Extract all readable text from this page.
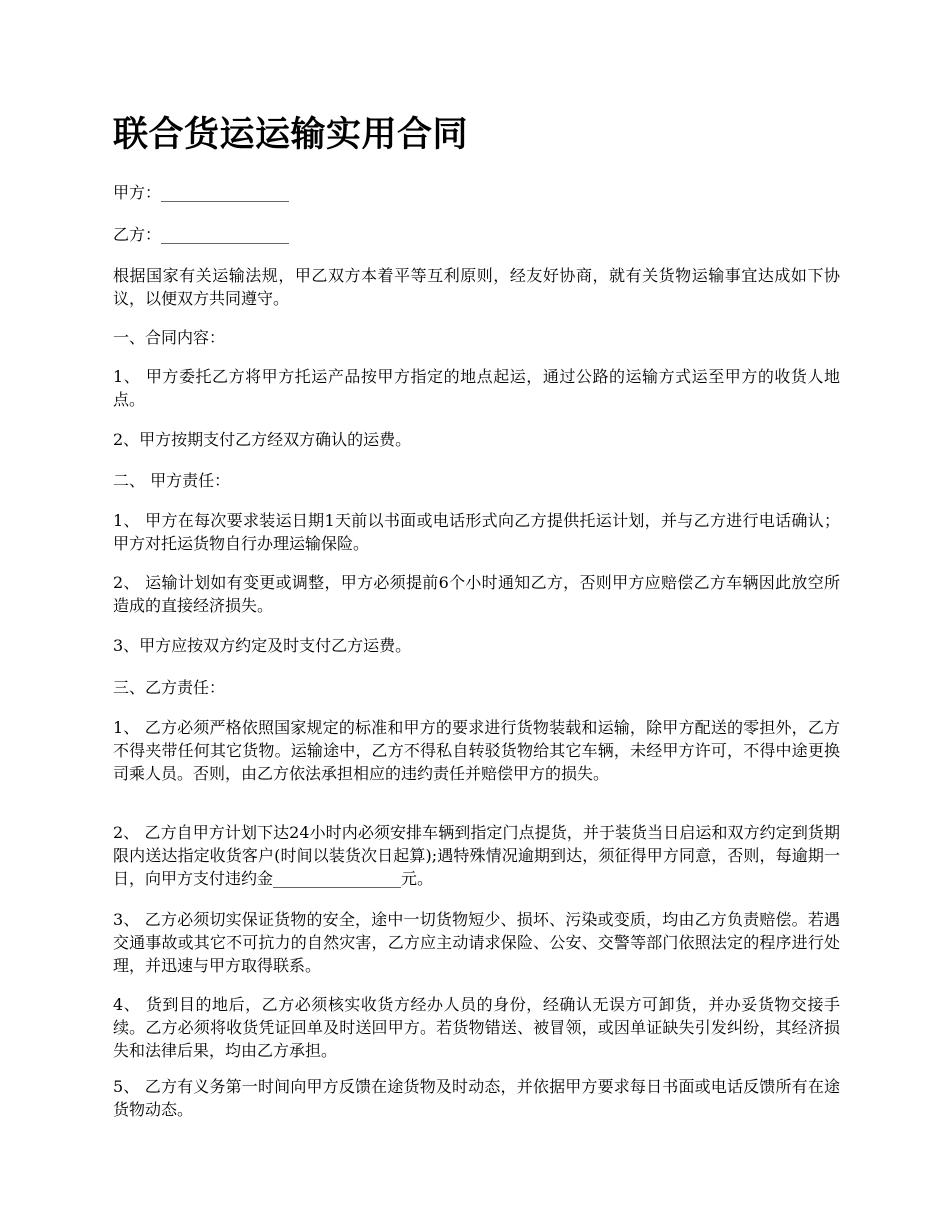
联合货运运输实用合同

甲方：________________

乙方：________________

根据国家有关运输法规，甲乙双方本着平等互利原则，经友好协商，就有关货物运输事宜达成如下协议，以便双方共同遵守。

一、合同内容：

1、 甲方委托乙方将甲方托运产品按甲方指定的地点起运，通过公路的运输方式运至甲方的收货人地点。

2、甲方按期支付乙方经双方确认的运费。

二、 甲方责任：

1、 甲方在每次要求装运日期1天前以书面或电话形式向乙方提供托运计划，并与乙方进行电话确认；甲方对托运货物自行办理运输保险。

2、 运输计划如有变更或调整，甲方必须提前6个小时通知乙方，否则甲方应赔偿乙方车辆因此放空所造成的直接经济损失。

3、甲方应按双方约定及时支付乙方运费。

三、乙方责任：

1、 乙方必须严格依照国家规定的标准和甲方的要求进行货物装载和运输，除甲方配送的零担外，乙方不得夹带任何其它货物。运输途中，乙方不得私自转驳货物给其它车辆，未经甲方许可，不得中途更换司乘人员。否则，由乙方依法承担相应的违约责任并赔偿甲方的损失。

2、 乙方自甲方计划下达24小时内必须安排车辆到指定门点提货，并于装货当日启运和双方约定到货期限内送达指定收货客户(时间以装货次日起算);遇特殊情况逾期到达，须征得甲方同意，否则，每逾期一日，向甲方支付违约金________________元。

3、 乙方必须切实保证货物的安全，途中一切货物短少、损坏、污染或变质，均由乙方负责赔偿。若遇交通事故或其它不可抗力的自然灾害，乙方应主动请求保险、公安、交警等部门依照法定的程序进行处理，并迅速与甲方取得联系。

4、 货到目的地后，乙方必须核实收货方经办人员的身份，经确认无误方可卸货，并办妥货物交接手续。乙方必须将收货凭证回单及时送回甲方。若货物错送、被冒领，或因单证缺失引发纠纷，其经济损失和法律后果，均由乙方承担。

5、 乙方有义务第一时间向甲方反馈在途货物及时动态，并依据甲方要求每日书面或电话反馈所有在途货物动态。
